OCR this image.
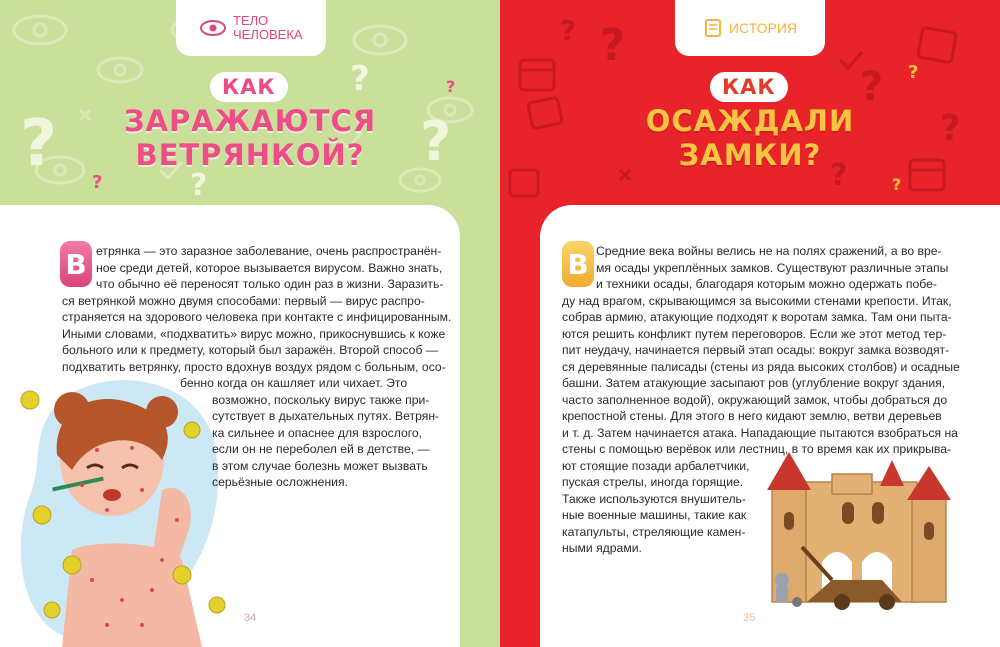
?	?
?
?
?
?
ТЕЛО ЧЕЛОВЕКА
КАК
ЗАРАЖАЮТСЯ
ВЕТРЯНКОЙ?
В етрянка — это заразное заболевание, очень распространён-
ное среди детей, которое вызывается вирусом. Важно знать,
что обычно её переносят только один раз в жизни. Заразить-
ся ветрянкой можно двумя способами: первый — вирус распро-
страняется на здорового человека при контакте с инфицированным.
Иными словами, «подхватить» вирус можно, прикоснувшись к коже
больного или к предмету, который был заражён. Второй способ —
подхватить ветрянку, просто вдохнув воздух рядом с больным, осо-
бенно когда он кашляет или чихает. Это
возможно, поскольку вирус также при-
сутствует в дыхательных путях. Ветрян-
ка сильнее и опаснее для взрослого,
если он не переболел ей в детстве, —
в этом случае болезнь может вызвать
серьёзные осложнения.
34
?
?
?
?
?
?
?
ИСТОРИЯ
КАК
ОСАЖДАЛИ
ЗАМКИ?
В Средние века войны велись не на полях сражений, а во вре-
мя осады укреплённых замков. Существуют различные этапы
и техники осады, благодаря которым можно одержать побе-
ду над врагом, скрывающимся за высокими стенами крепости. Итак,
собрав армию, атакующие подходят к воротам замка. Там они пыта-
ются решить конфликт путем переговоров. Если же этот метод тер-
пит неудачу, начинается первый этап осады: вокруг замка возводят-
ся деревянные палисады (стены из ряда высоких столбов) и осадные
башни. Затем атакующие засыпают ров (углубление вокруг здания,
часто заполненное водой), окружающий замок, чтобы добраться до
крепостной стены. Для этого в него кидают землю, ветви деревьев
и т. д. Затем начинается атака. Нападающие пытаются взобраться на
стены с помощью верёвок или лестниц, в то время как их прикрыва-
ют стоящие позади арбалетчики,
пуская стрелы, иногда горящие.
Также используются внушитель-
ные военные машины, такие как
катапульты, стреляющие камен-
ными ядрами.
35
